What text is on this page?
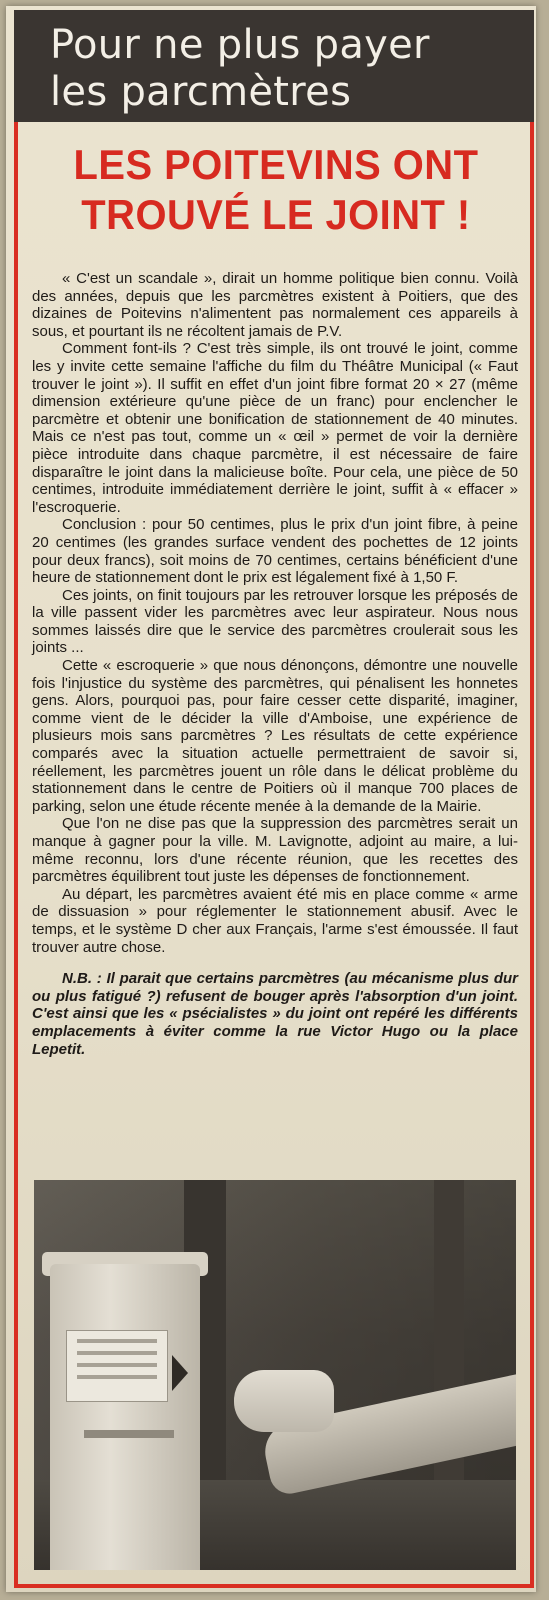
Pour ne plus payer
les parcmètres
LES POITEVINS ONT
TROUVÉ LE JOINT !

« C'est un scandale », dirait un homme politique bien connu. Voilà des années, depuis que les parcmètres existent à Poitiers, que des dizaines de Poitevins n'alimentent pas normalement ces appareils à sous, et pourtant ils ne récoltent jamais de P.V.

Comment font-ils ? C'est très simple, ils ont trouvé le joint, comme les y invite cette semaine l'affiche du film du Théâtre Municipal (« Faut trouver le joint »). Il suffit en effet d'un joint fibre format 20 × 27 (même dimension extérieure qu'une pièce de un franc) pour enclencher le parcmètre et obtenir une bonification de stationnement de 40 minutes. Mais ce n'est pas tout, comme un « œil » permet de voir la dernière pièce introduite dans chaque parcmètre, il est nécessaire de faire disparaître le joint dans la malicieuse boîte. Pour cela, une pièce de 50 centimes, introduite immédiatement derrière le joint, suffit à « effacer » l'escroquerie.

Conclusion : pour 50 centimes, plus le prix d'un joint fibre, à peine 20 centimes (les grandes surface vendent des pochettes de 12 joints pour deux francs), soit moins de 70 centimes, certains bénéficient d'une heure de stationnement dont le prix est légalement fixé à 1,50 F.

Ces joints, on finit toujours par les retrouver lorsque les préposés de la ville passent vider les parcmètres avec leur aspirateur. Nous nous sommes laissés dire que le service des parcmètres croulerait sous les joints ...

Cette « escroquerie » que nous dénonçons, démontre une nouvelle fois l'injustice du système des parcmètres, qui pénalisent les honnetes gens. Alors, pourquoi pas, pour faire cesser cette disparité, imaginer, comme vient de le décider la ville d'Amboise, une expérience de plusieurs mois sans parcmètres ? Les résultats de cette expérience comparés avec la situation actuelle permettraient de savoir si, réellement, les parcmètres jouent un rôle dans le délicat problème du stationnement dans le centre de Poitiers où il manque 700 places de parking, selon une étude récente menée à la demande de la Mairie.

Que l'on ne dise pas que la suppression des parcmètres serait un manque à gagner pour la ville. M. Lavignotte, adjoint au maire, a lui-même reconnu, lors d'une récente réunion, que les recettes des parcmètres équilibrent tout juste les dépenses de fonctionnement.

Au départ, les parcmètres avaient été mis en place comme « arme de dissuasion » pour réglementer le stationnement abusif. Avec le temps, et le système D cher aux Français, l'arme s'est émoussée. Il faut trouver autre chose.

N.B. : Il parait que certains parcmètres (au mécanisme plus dur ou plus fatigué ?) refusent de bouger après l'absorption d'un joint. C'est ainsi que les « psécialistes » du joint ont repéré les différents emplacements à éviter comme la rue Victor Hugo ou la place Lepetit.
